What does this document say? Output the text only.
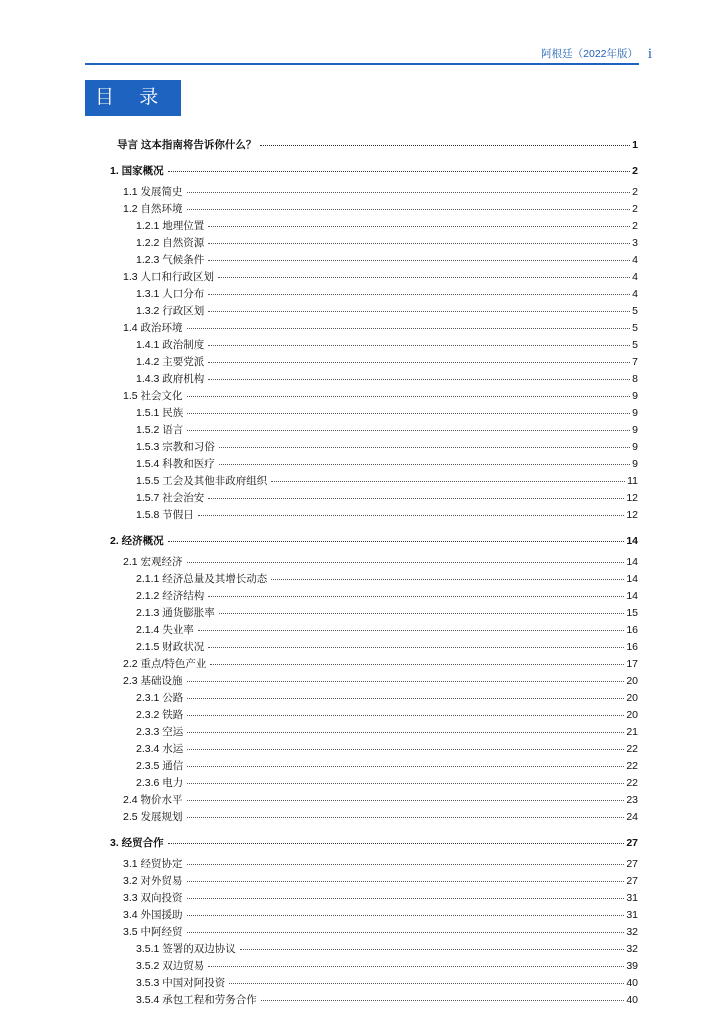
阿根廷（2022年版） i
目 录
导言 这本指南将告诉你什么？	1
1. 国家概况	2
1.1 发展简史	2
1.2 自然环境	2
1.2.1 地理位置	2
1.2.2 自然资源	3
1.2.3 气候条件	4
1.3 人口和行政区划	4
1.3.1 人口分布	4
1.3.2 行政区划	5
1.4 政治环境	5
1.4.1 政治制度	5
1.4.2 主要党派	7
1.4.3 政府机构	8
1.5 社会文化	9
1.5.1 民族	9
1.5.2 语言	9
1.5.3 宗教和习俗	9
1.5.4 科教和医疗	9
1.5.5 工会及其他非政府组织	11
1.5.7 社会治安	12
1.5.8 节假日	12
2. 经济概况	14
2.1 宏观经济	14
2.1.1 经济总量及其增长动态	14
2.1.2 经济结构	14
2.1.3 通货膨胀率	15
2.1.4 失业率	16
2.1.5 财政状况	16
2.2 重点/特色产业	17
2.3 基础设施	20
2.3.1 公路	20
2.3.2 铁路	20
2.3.3 空运	21
2.3.4 水运	22
2.3.5 通信	22
2.3.6 电力	22
2.4 物价水平	23
2.5 发展规划	24
3. 经贸合作	27
3.1 经贸协定	27
3.2 对外贸易	27
3.3 双向投资	31
3.4 外国援助	31
3.5 中阿经贸	32
3.5.1 签署的双边协议	32
3.5.2 双边贸易	39
3.5.3 中国对阿投资	40
3.5.4 承包工程和劳务合作	40
